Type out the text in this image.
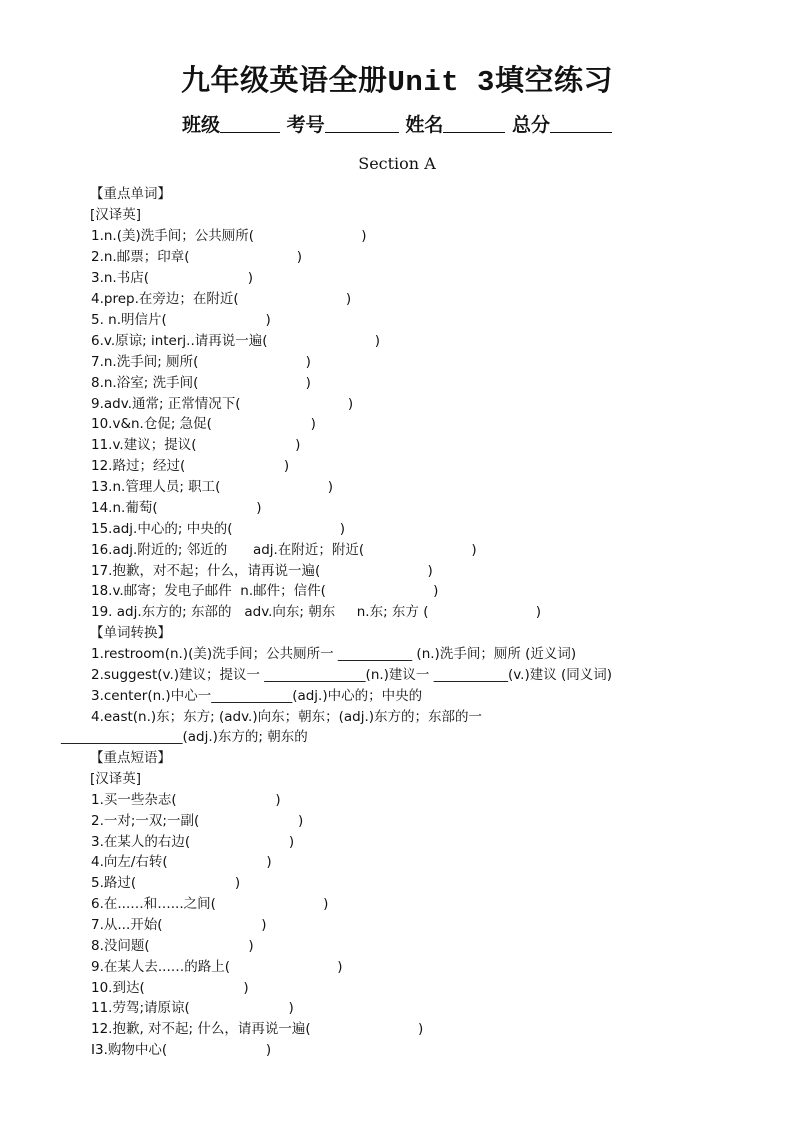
九年级英语全册Unit 3填空练习
班级	考号	姓名	总分
Section A
【重点单词】
[汉译英]
1.n.(美)洗手间；公共厕所(                         )
2.n.邮票；印章(                         )
3.n.书店(                       )
4.prep.在旁边；在附近(                         )
5. n.明信片(                       )
6.v.原谅; interj..请再说一遍(                         )
7.n.洗手间; 厕所(                         )
8.n.浴室; 洗手间(                         )
9.adv.通常; 正常情况下(                         )
10.v&n.仓促; 急促(                       )
11.v.建议；提议(                       )
12.路过；经过(                       )
13.n.管理人员; 职工(                         )
14.n.葡萄(                       )
15.adj.中心的; 中央的(                         )
16.adj.附近的; 邻近的      adj.在附近；附近(                         )
17.抱歉，对不起；什么，请再说一遍(                         )
18.v.邮寄；发电子邮件  n.邮件；信件(                         )
19. adj.东方的; 东部的   adv.向东; 朝东     n.东; 东方 (                         )
【单词转换】
1.restroom(n.)(美)洗手间；公共厕所一 ___________ (n.)洗手间；厕所 (近义词)
2.suggest(v.)建议；提议一 _______________(n.)建议一 ___________(v.)建议 (同义词)
3.center(n.)中心一____________(adj.)中心的；中央的
4.east(n.)东；东方; (adv.)向东；朝东；(adj.)东方的；东部的一
__________________(adj.)东方的; 朝东的
【重点短语】
[汉译英]
1.买一些杂志(                       )
2.一对;一双;一副(                       )
3.在某人的右边(                       )
4.向左/右转(                       )
5.路过(                       )
6.在...…和…...之间(                         )
7.从...开始(                       )
8.没问题(                       )
9.在某人去...…的路上(                         )
10.到达(                       )
11.劳驾;请原谅(                       )
12.抱歉, 对不起; 什么，请再说一遍(                         )
I3.购物中心(                       )
